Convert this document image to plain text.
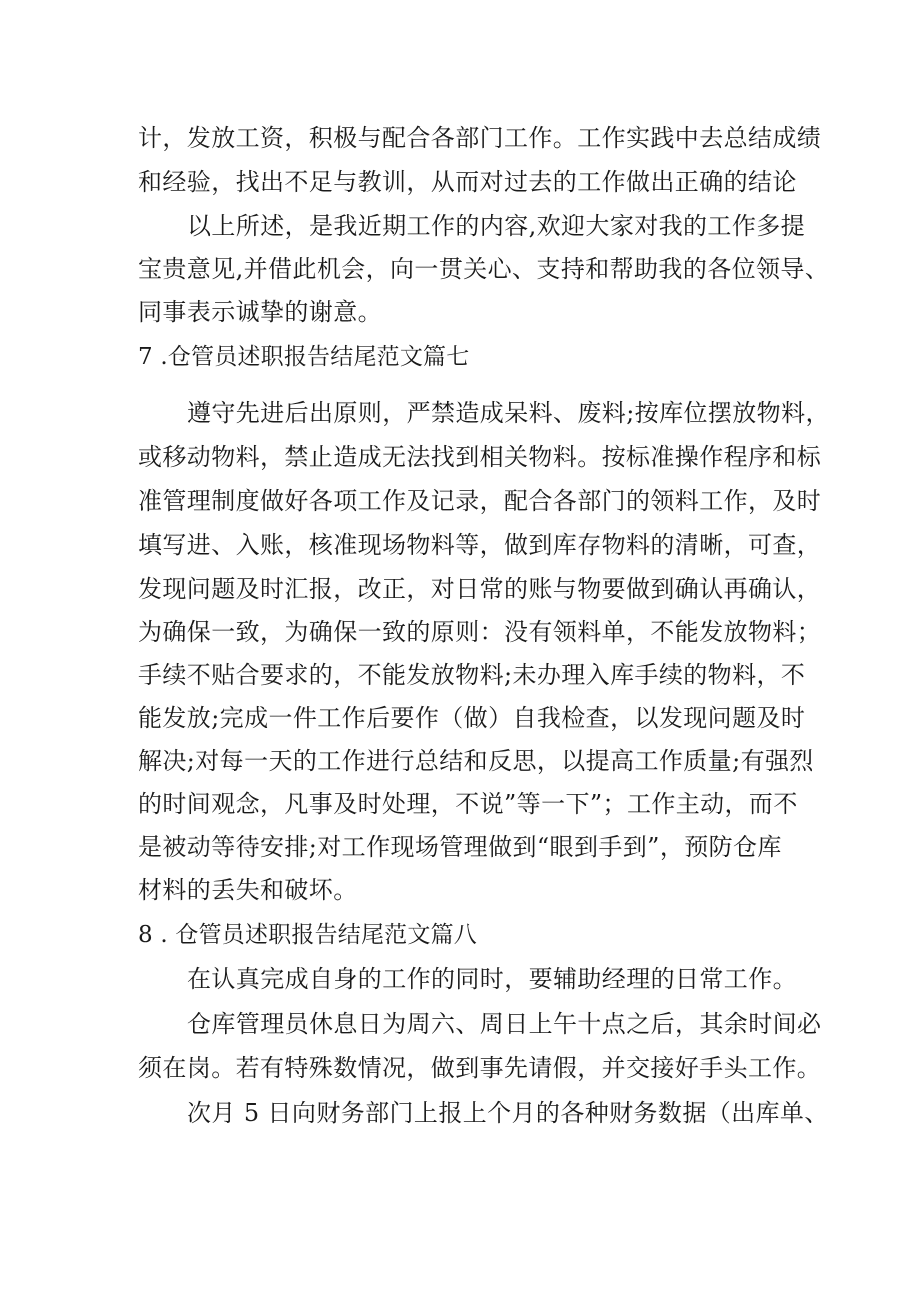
计，发放工资，积极与配合各部门工作。工作实践中去总结成绩
和经验，找出不足与教训，从而对过去的工作做出正确的结论
以上所述，是我近期工作的内容,欢迎大家对我的工作多提
宝贵意见,并借此机会，向一贯关心、支持和帮助我的各位领导、
同事表示诚挚的谢意。
7 .仓管员述职报告结尾范文篇七
遵守先进后出原则，严禁造成呆料、废料;按库位摆放物料，
或移动物料，禁止造成无法找到相关物料。按标准操作程序和标
准管理制度做好各项工作及记录，配合各部门的领料工作，及时
填写进、入账，核准现场物料等，做到库存物料的清晰，可查，
发现问题及时汇报，改正，对日常的账与物要做到确认再确认，
为确保一致，为确保一致的原则：没有领料单，不能发放物料；
手续不贴合要求的，不能发放物料;未办理入库手续的物料，不
能发放;完成一件工作后要作（做）自我检查，以发现问题及时
解决;对每一天的工作进行总结和反思，以提高工作质量;有强烈
的时间观念，凡事及时处理，不说”等一下”；工作主动，而不
是被动等待安排;对工作现场管理做到“眼到手到”，预防仓库
材料的丢失和破坏。
8 . 仓管员述职报告结尾范文篇八
在认真完成自身的工作的同时，要辅助经理的日常工作。
仓库管理员休息日为周六、周日上午十点之后，其余时间必
须在岗。若有特殊数情况，做到事先请假，并交接好手头工作。
次月 5 日向财务部门上报上个月的各种财务数据（出库单、
